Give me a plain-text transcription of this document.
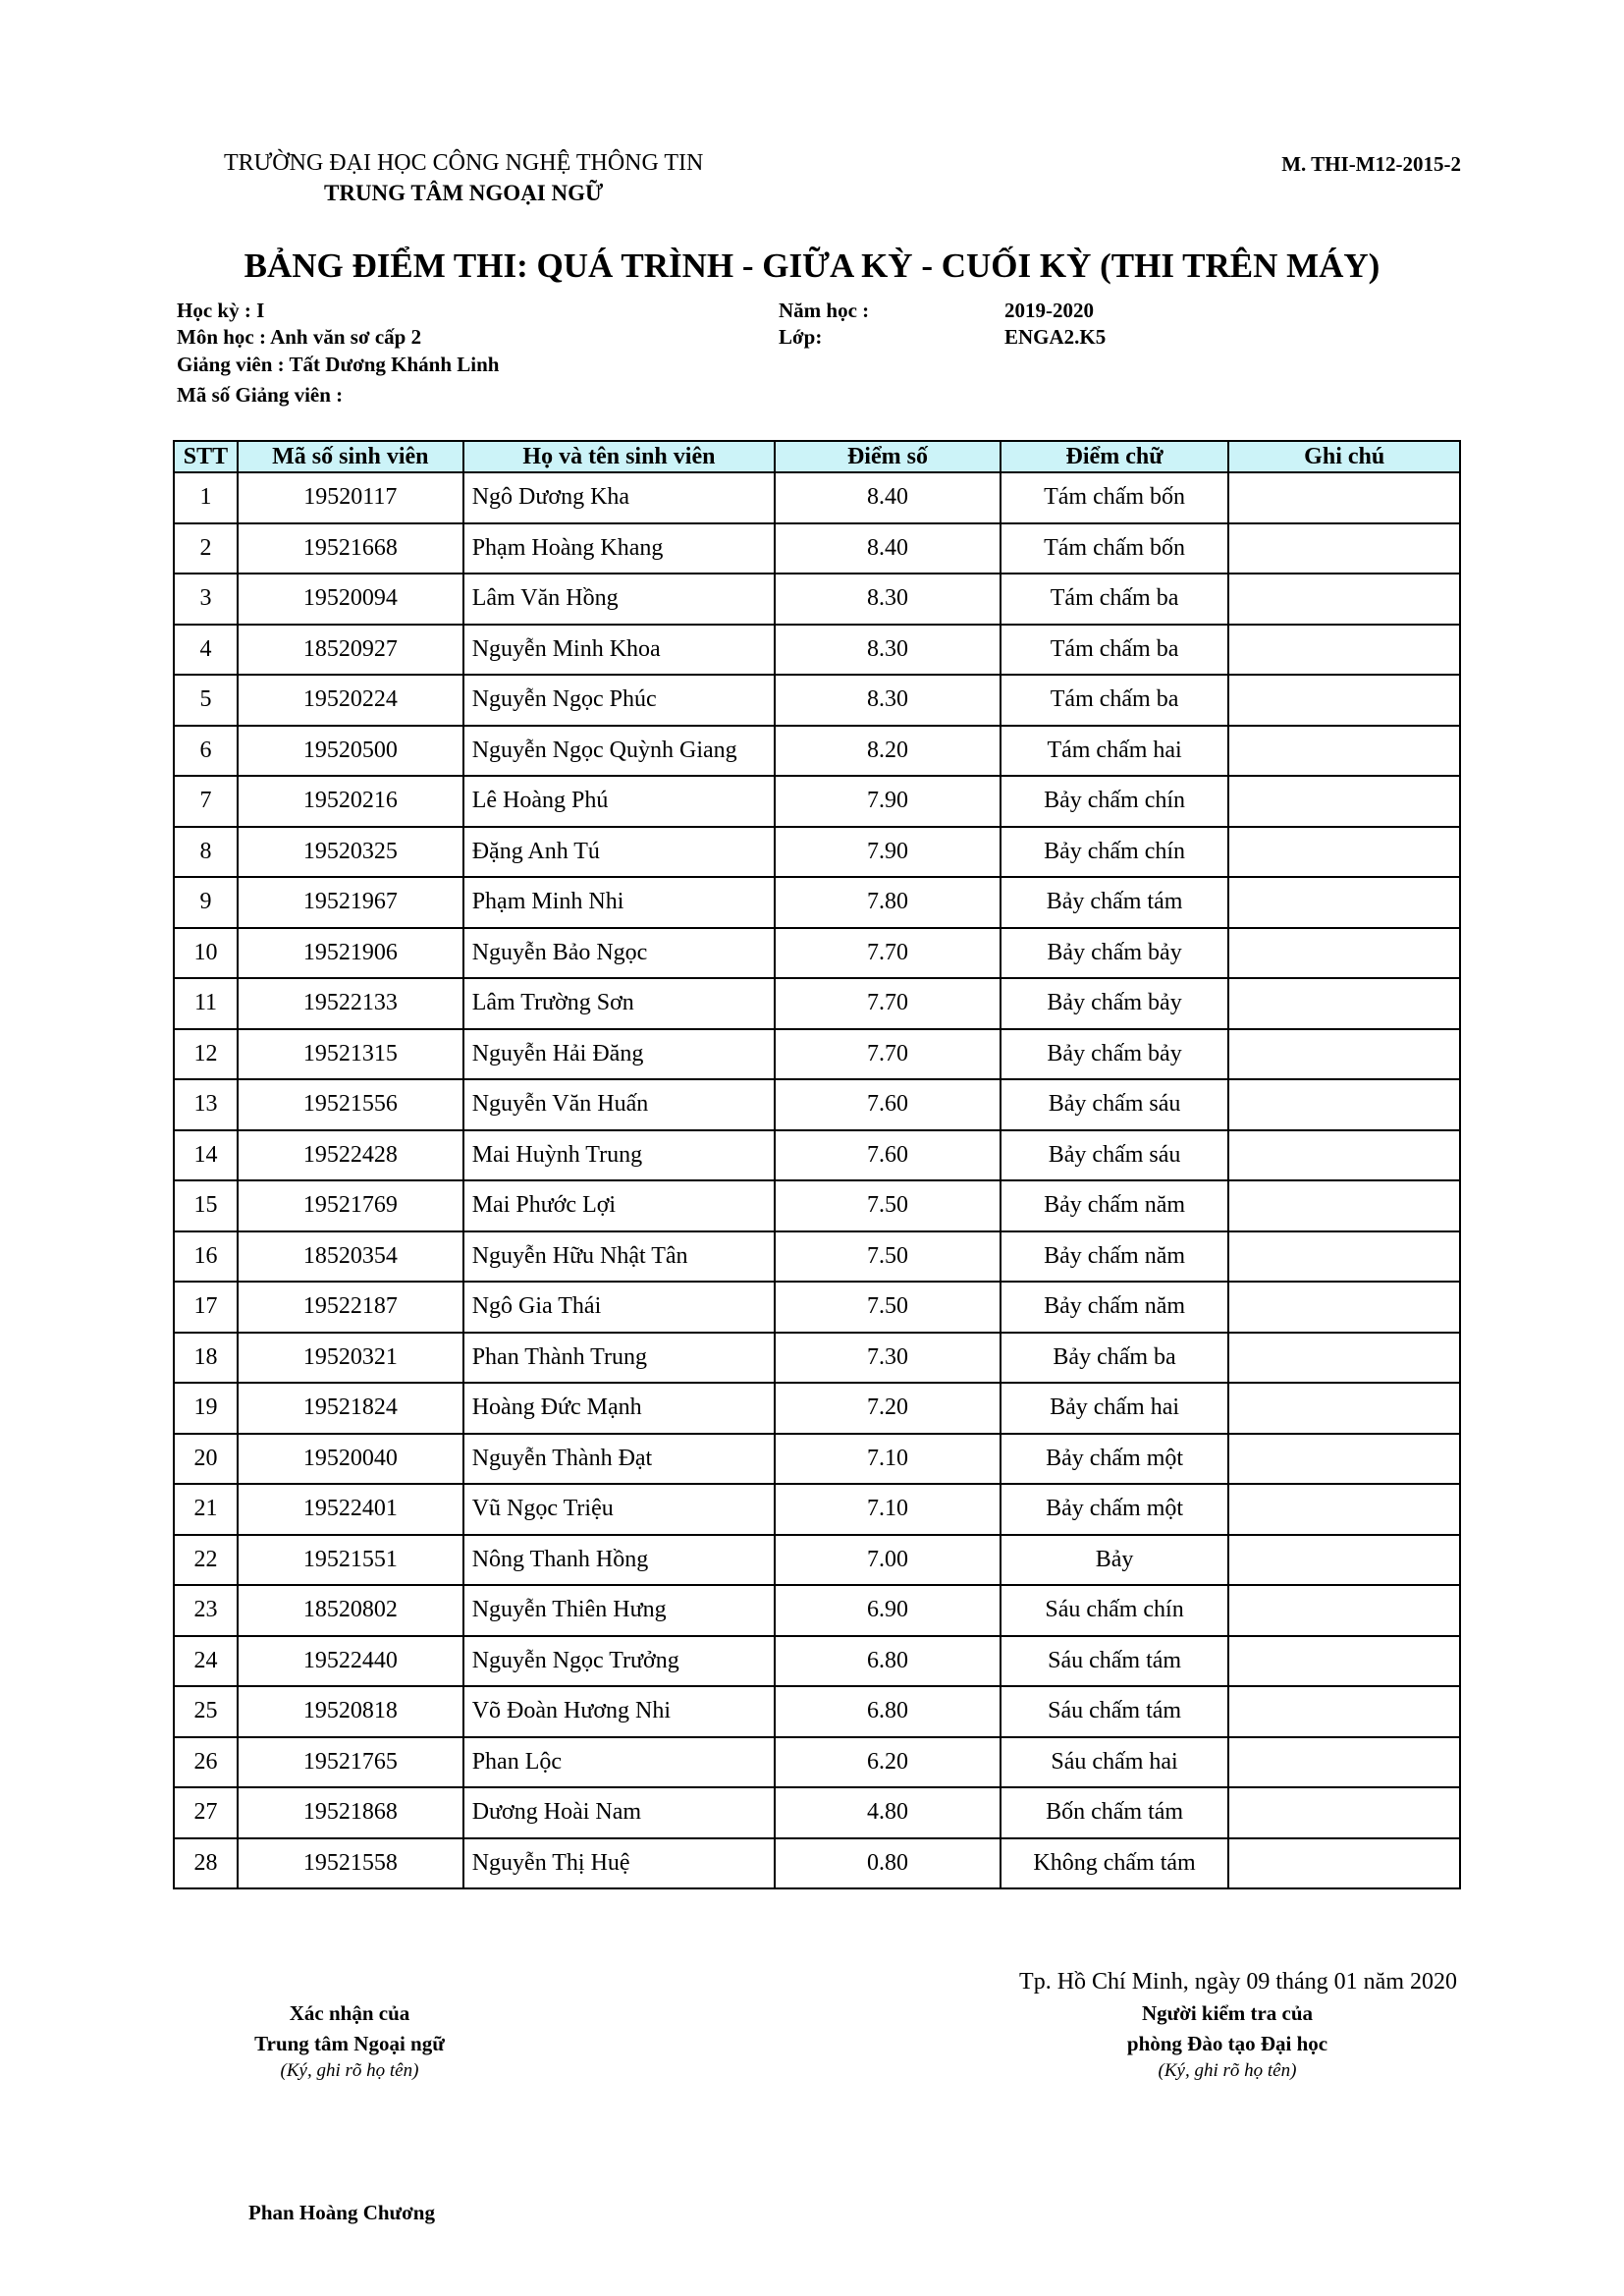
TRƯỜNG ĐẠI HỌC CÔNG NGHỆ THÔNG TIN
TRUNG TÂM NGOẠI NGỮ
M. THI-M12-2015-2
BẢNG ĐIỂM THI: QUÁ TRÌNH - GIỮA KỲ - CUỐI KỲ (THI TRÊN MÁY)
Học kỳ : I
Môn học : Anh văn sơ cấp 2
Giảng viên : Tất Dương Khánh Linh
Mã số Giảng viên :
Năm học :	2019-2020
Lớp:	ENGA2.K5
STT	Mã số sinh viên	Họ và tên sinh viên	Điểm số	Điểm chữ	Ghi chú
1	19520117	Ngô Dương Kha	8.40	Tám chấm bốn	
2	19521668	Phạm Hoàng Khang	8.40	Tám chấm bốn	
3	19520094	Lâm Văn Hồng	8.30	Tám chấm ba	
4	18520927	Nguyễn Minh Khoa	8.30	Tám chấm ba	
5	19520224	Nguyễn Ngọc Phúc	8.30	Tám chấm ba	
6	19520500	Nguyễn Ngọc Quỳnh Giang	8.20	Tám chấm hai	
7	19520216	Lê Hoàng Phú	7.90	Bảy chấm chín	
8	19520325	Đặng Anh Tú	7.90	Bảy chấm chín	
9	19521967	Phạm Minh Nhi	7.80	Bảy chấm tám	
10	19521906	Nguyễn Bảo Ngọc	7.70	Bảy chấm bảy	
11	19522133	Lâm Trường Sơn	7.70	Bảy chấm bảy	
12	19521315	Nguyễn Hải Đăng	7.70	Bảy chấm bảy	
13	19521556	Nguyễn Văn Huấn	7.60	Bảy chấm sáu	
14	19522428	Mai Huỳnh Trung	7.60	Bảy chấm sáu	
15	19521769	Mai Phước Lợi	7.50	Bảy chấm năm	
16	18520354	Nguyễn Hữu Nhật Tân	7.50	Bảy chấm năm	
17	19522187	Ngô Gia Thái	7.50	Bảy chấm năm	
18	19520321	Phan Thành Trung	7.30	Bảy chấm ba	
19	19521824	Hoàng Đức Mạnh	7.20	Bảy chấm hai	
20	19520040	Nguyễn Thành Đạt	7.10	Bảy chấm một	
21	19522401	Vũ Ngọc Triệu	7.10	Bảy chấm một	
22	19521551	Nông Thanh Hồng	7.00	Bảy	
23	18520802	Nguyễn Thiên Hưng	6.90	Sáu chấm chín	
24	19522440	Nguyễn Ngọc Trưởng	6.80	Sáu chấm tám	
25	19520818	Võ Đoàn Hương Nhi	6.80	Sáu chấm tám	
26	19521765	Phan Lộc	6.20	Sáu chấm hai	
27	19521868	Dương Hoài Nam	4.80	Bốn chấm tám	
28	19521558	Nguyễn Thị Huệ	0.80	Không chấm tám	
Tp. Hồ Chí Minh, ngày 09 tháng 01 năm 2020
Xác nhận của
Trung tâm Ngoại ngữ
(Ký, ghi rõ họ tên)
Người kiểm tra của
phòng Đào tạo Đại học
(Ký, ghi rõ họ tên)
Phan Hoàng Chương
